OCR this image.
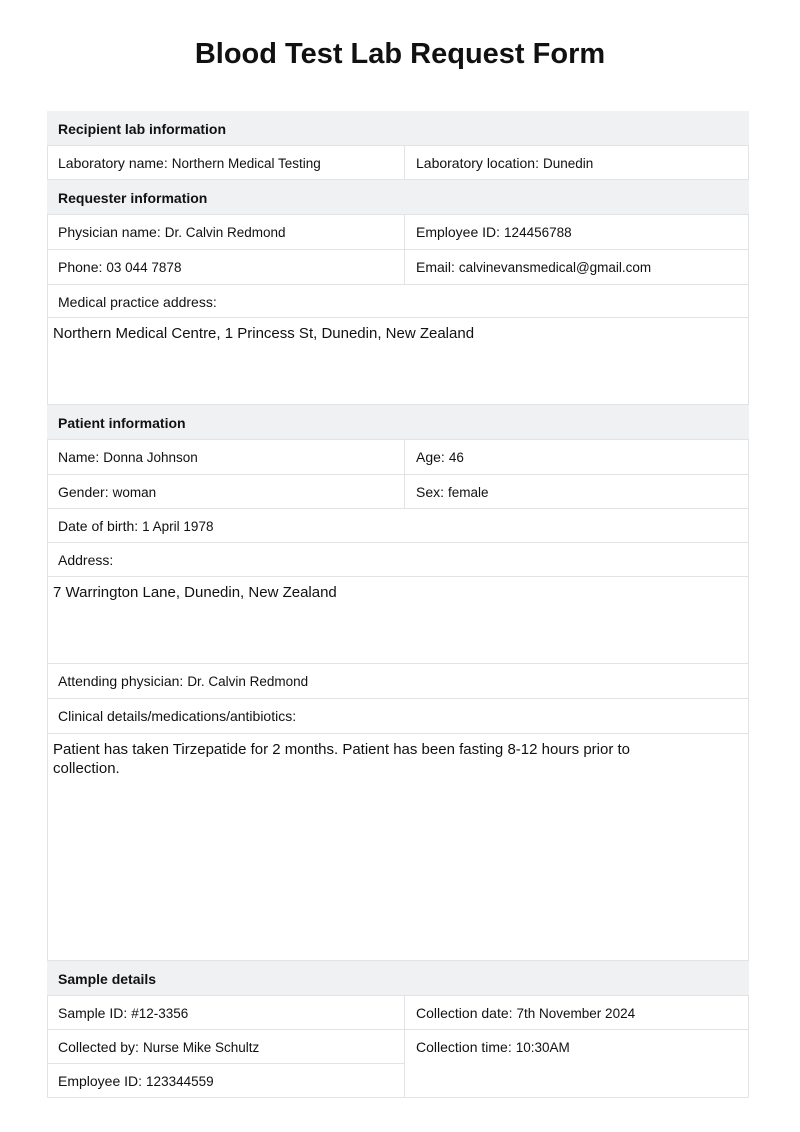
Blood Test Lab Request Form
Recipient lab information
Laboratory name: Northern Medical Testing	Laboratory location: Dunedin
Requester information
Physician name: Dr. Calvin Redmond	Employee ID: 124456788
Phone: 03 044 7878	Email: calvinevansmedical@gmail.com
Medical practice address:
Northern Medical Centre, 1 Princess St, Dunedin, New Zealand
Patient information
Name: Donna Johnson	Age: 46
Gender: woman	Sex: female
Date of birth: 1 April 1978
Address:
7 Warrington Lane, Dunedin, New Zealand
Attending physician: Dr. Calvin Redmond
Clinical details/medications/antibiotics:
Patient has taken Tirzepatide for 2 months. Patient has been fasting 8-12 hours prior to collection.
Sample details
Sample ID: #12-3356	Collection date: 7th November 2024
Collected by: Nurse Mike Schultz
Employee ID: 123344559
Collection time: 10:30AM
